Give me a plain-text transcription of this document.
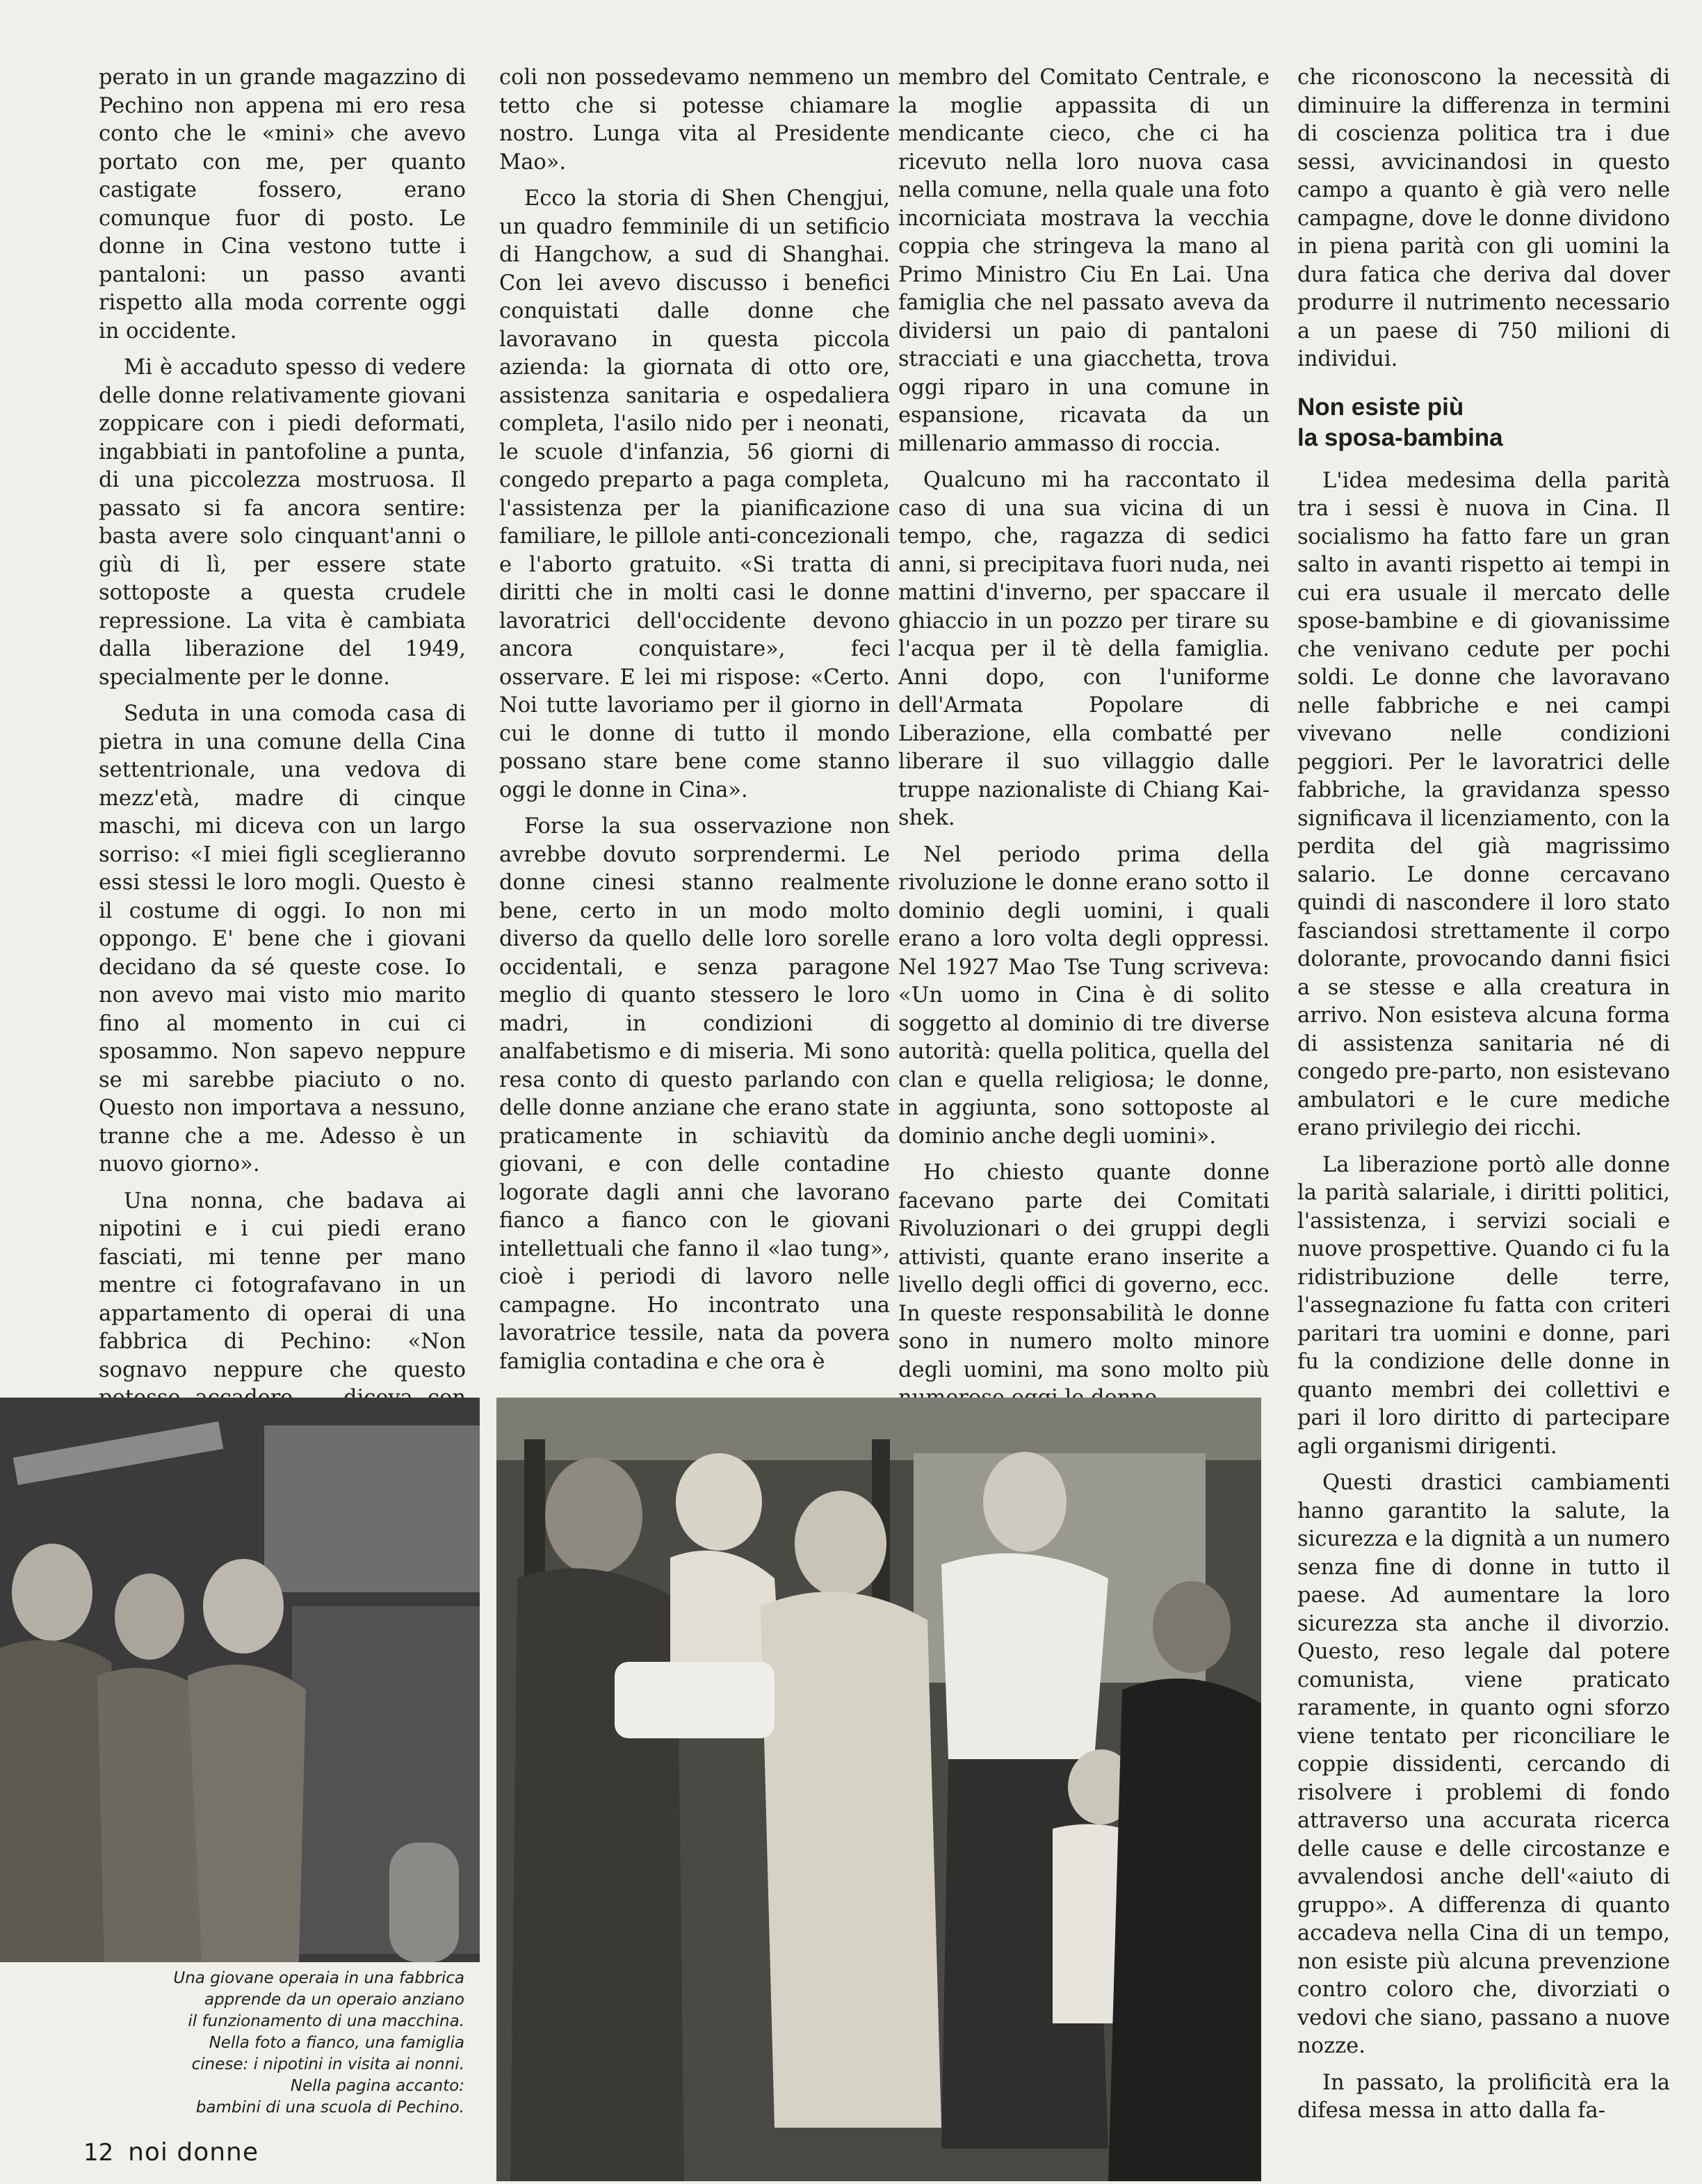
perato in un grande magazzino di Pechino non appena mi ero resa conto che le «mini» che avevo portato con me, per quanto castigate fossero, erano comunque fuor di posto. Le donne in Cina vestono tutte i pantaloni: un passo avanti rispetto alla moda corrente oggi in occidente.

Mi è accaduto spesso di vedere delle donne relativamente giovani zoppicare con i piedi deformati, ingabbiati in pantofoline a punta, di una piccolezza mostruosa. Il passato si fa ancora sentire: basta avere solo cinquant'anni o giù di lì, per essere state sottoposte a questa crudele repressione. La vita è cambiata dalla liberazione del 1949, specialmente per le donne.

Seduta in una comoda casa di pietra in una comune della Cina settentrionale, una vedova di mezz'età, madre di cinque maschi, mi diceva con un largo sorriso: «I miei figli sceglieranno essi stessi le loro mogli. Questo è il costume di oggi. Io non mi oppongo. E' bene che i giovani decidano da sé queste cose. Io non avevo mai visto mio marito fino al momento in cui ci sposammo. Non sapevo neppure se mi sarebbe piaciuto o no. Questo non importava a nessuno, tranne che a me. Adesso è un nuovo giorno».

Una nonna, che badava ai nipotini e i cui piedi erano fasciati, mi tenne per mano mentre ci fotografavano in un appartamento di operai di una fabbrica di Pechino: «Non sognavo neppure che questo

coli non possedevamo nemmeno un tetto che si potesse chiamare nostro. Lunga vita al Presidente Mao».

Ecco la storia di Shen Chengjui, un quadro femminile di un setificio di Hangchow, a sud di Shanghai. Con lei avevo discusso i benefici conquistati dalle donne che lavoravano in questa piccola azienda: la giornata di otto ore, assistenza sanitaria e ospedaliera completa, l'asilo nido per i neonati, le scuole d'infanzia, 56 giorni di congedo preparto a paga completa, l'assistenza per la pianificazione familiare, le pillole anti-concezionali e l'aborto gratuito. «Si tratta di diritti che in molti casi le donne lavoratrici dell'occidente devono ancora conquistare», feci osservare. E lei mi rispose: «Certo. Noi tutte lavoriamo per il giorno in cui le donne di tutto il mondo possano stare bene come stanno oggi le donne in Cina».

Forse la sua osservazione non avrebbe dovuto sorprendermi. Le donne cinesi stanno realmente bene, certo in un modo molto diverso da quello delle loro sorelle occidentali, e senza paragone meglio di quanto stessero le loro madri, in condizioni di analfabetismo e di miseria. Mi sono resa conto di questo parlando con delle donne anziane che erano state praticamente in schiavitù da giovani, e con delle contadine logorate dagli anni che lavorano fianco a fianco con le giovani intellettuali che fanno il «lao tung», cioè i periodi di lavoro nelle campagne. Ho incontrato una lavoratrice tessile, nata da povera famiglia contadina e che ora è

membro del Comitato Centrale, e la moglie appassita di un mendicante cieco, che ci ha ricevuto nella loro nuova casa nella comune, nella quale una foto incorniciata mostrava la vecchia coppia che stringeva la mano al Primo Ministro Ciu En Lai. Una famiglia che nel passato aveva da dividersi un paio di pantaloni stracciati e una giacchetta, trova oggi riparo in una comune in espansione, ricavata da un millenario ammasso di roccia.

Qualcuno mi ha raccontato il caso di una sua vicina di un tempo, che, ragazza di sedici anni, si precipitava fuori nuda, nei mattini d'inverno, per spaccare il ghiaccio in un pozzo per tirare su l'acqua per il tè della famiglia. Anni dopo, con l'uniforme dell'Armata Popolare di Liberazione, ella combatté per liberare il suo villaggio dalle truppe nazionaliste di Chiang Kai-shek.

Nel periodo prima della rivoluzione le donne erano sotto il dominio degli uomini, i quali erano a loro volta degli oppressi. Nel 1927 Mao Tse Tung scriveva: «Un uomo in Cina è di solito soggetto al dominio di tre diverse autorità: quella politica, quella del clan e quella religiosa; le donne, in aggiunta, sono sottoposte al dominio anche degli uomini».

Ho chiesto quante donne facevano parte dei Comitati Rivoluzionari o dei gruppi degli attivisti, quante erano inserite a livello degli offici di governo, ecc. In queste responsabilità le donne sono in numero molto minore degli uomini, ma sono molto più

che riconoscono la necessità di diminuire la differenza in termini di coscienza politica tra i due sessi, avvicinandosi in questo campo a quanto è già vero nelle campagne, dove le donne dividono in piena parità con gli uomini la dura fatica che deriva dal dover produrre il nutrimento necessario a un paese di 750 milioni di individui.

Non esiste più
la sposa-bambina

L'idea medesima della parità tra i sessi è nuova in Cina. Il socialismo ha fatto fare un gran salto in avanti rispetto ai tempi in cui era usuale il mercato delle spose-bambine e di giovanissime che venivano cedute per pochi soldi. Le donne che lavoravano nelle fabbriche e nei campi vivevano nelle condizioni peggiori. Per le lavoratrici delle fabbriche, la gravidanza spesso significava il licenziamento, con la perdita del già magrissimo salario. Le donne cercavano quindi di nascondere il loro stato fasciandosi strettamente il corpo dolorante, provocando danni fisici a se stesse e alla creatura in arrivo. Non esisteva alcuna forma di assistenza sanitaria né di congedo pre-parto, non esistevano ambulatori e le cure mediche erano privilegio dei ricchi.

La liberazione portò alle donne la parità salariale, i diritti politici, l'assistenza, i servizi sociali e nuove prospettive. Quando ci fu la ridistribuzione delle terre, l'assegnazione fu fatta con criteri paritari tra uomini e donne, pari fu la condizione delle donne in quanto membri dei collettivi e pari il loro diritto di partecipare agli organismi dirigenti.

Questi drastici cambiamenti hanno garantito la salute, la sicurezza e la dignità a un numero senza fine di donne in tutto il paese. Ad aumentare la loro sicurezza sta anche il divorzio. Questo, reso legale dal potere comunista, viene praticato raramente, in quanto ogni sforzo viene tentato per riconciliare le coppie dissidenti, cercando di risolvere i problemi di fondo attraverso una accurata ricerca delle cause e delle circostanze e avvalendosi anche dell'«aiuto di gruppo». A differenza di quanto accadeva nella Cina di un tempo, non esiste più alcuna prevenzione contro coloro che, divorziati o vedovi che siano, passano a nuove nozze.

In passato, la prolificità era la difesa messa in atto dalla fa-

Una giovane operaia in una fabbrica
apprende da un operaio anziano
il funzionamento di una macchina.
Nella foto a fianco, una famiglia
cinese: i nipotini in visita ai nonni.
Nella pagina accanto:
bambini di una scuola di Pechino.
12 noi donne
